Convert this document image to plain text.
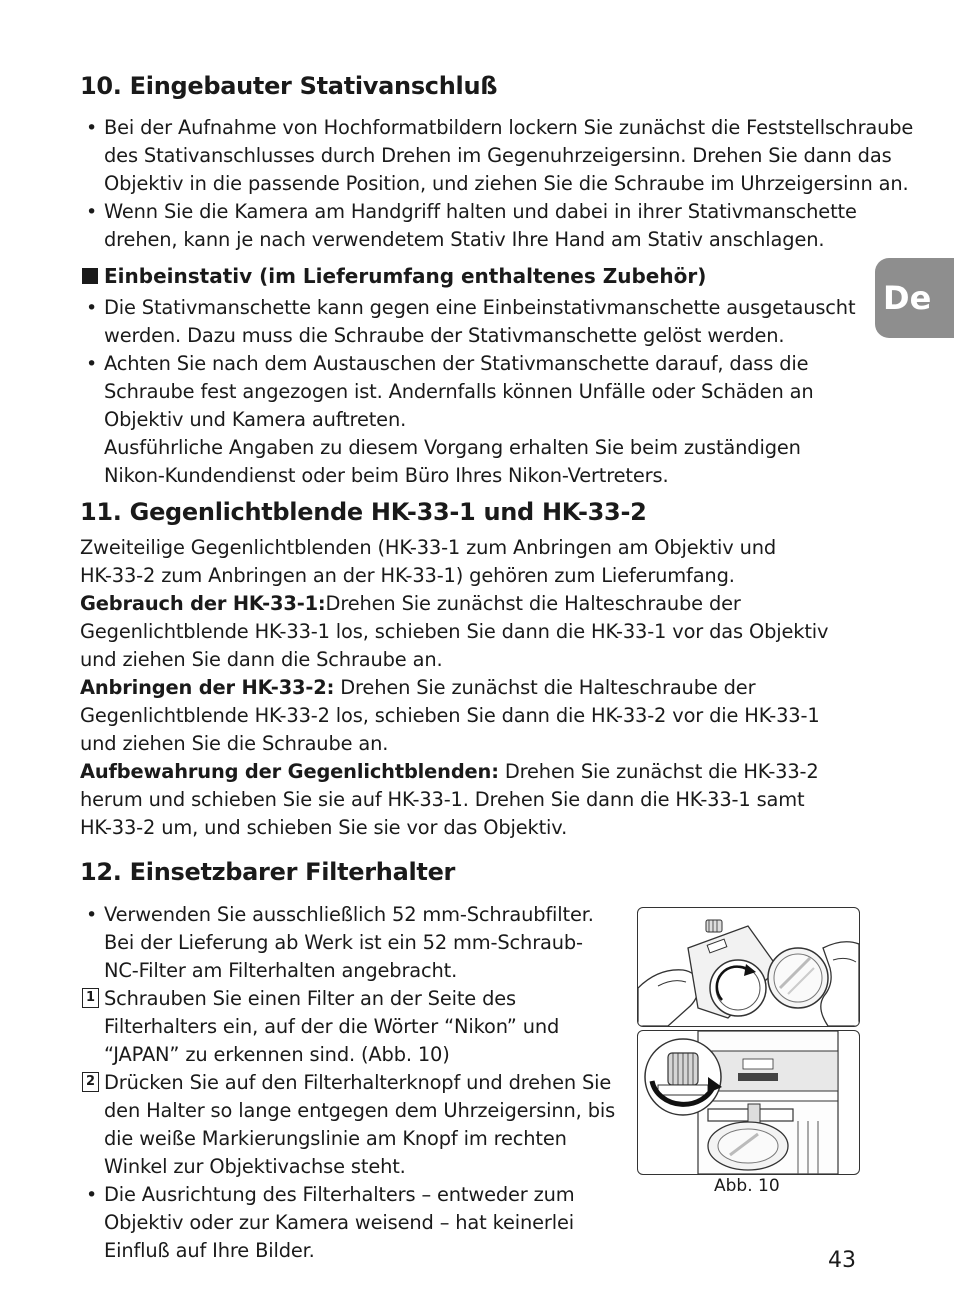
De
10. Eingebauter Stativanschluß
• Bei der Aufnahme von Hochformatbildern lockern Sie zunächst die Feststellschraube
des Stativanschlusses durch Drehen im Gegenuhrzeigersinn. Drehen Sie dann das
Objektiv in die passende Position, und ziehen Sie die Schraube im Uhrzeigersinn an.
• Wenn Sie die Kamera am Handgriff halten und dabei in ihrer Stativmanschette
drehen, kann je nach verwendetem Stativ Ihre Hand am Stativ anschlagen.
Einbeinstativ (im Lieferumfang enthaltenes Zubehör)
• Die Stativmanschette kann gegen eine Einbeinstativmanschette ausgetauscht
werden. Dazu muss die Schraube der Stativmanschette gelöst werden.
• Achten Sie nach dem Austauschen der Stativmanschette darauf, dass die
Schraube fest angezogen ist. Andernfalls können Unfälle oder Schäden an
Objektiv und Kamera auftreten.
Ausführliche Angaben zu diesem Vorgang erhalten Sie beim zuständigen
Nikon-Kundendienst oder beim Büro Ihres Nikon-Vertreters.
11. Gegenlichtblende HK-33-1 und HK-33-2
Zweiteilige Gegenlichtblenden (HK-33-1 zum Anbringen am Objektiv und
HK-33-2 zum Anbringen an der HK-33-1) gehören zum Lieferumfang.
Gebrauch der HK-33-1:Drehen Sie zunächst die Halteschraube der
Gegenlichtblende HK-33-1 los, schieben Sie dann die HK-33-1 vor das Objektiv
und ziehen Sie dann die Schraube an.
Anbringen der HK-33-2: Drehen Sie zunächst die Halteschraube der
Gegenlichtblende HK-33-2 los, schieben Sie dann die HK-33-2 vor die HK-33-1
und ziehen Sie die Schraube an.
Aufbewahrung der Gegenlichtblenden: Drehen Sie zunächst die HK-33-2
herum und schieben Sie sie auf HK-33-1. Drehen Sie dann die HK-33-1 samt
HK-33-2 um, und schieben Sie sie vor das Objektiv.
12. Einsetzbarer Filterhalter
• Verwenden Sie ausschließlich 52 mm-Schraubfilter.
Bei der Lieferung ab Werk ist ein 52 mm-Schraub-
NC-Filter am Filterhalten angebracht.
1 Schrauben Sie einen Filter an der Seite des
Filterhalters ein, auf der die Wörter “Nikon” und
“JAPAN” zu erkennen sind. (Abb. 10)
2 Drücken Sie auf den Filterhalterknopf und drehen Sie
den Halter so lange entgegen dem Uhrzeigersinn, bis
die weiße Markierungslinie am Knopf im rechten
Winkel zur Objektivachse steht.
• Die Ausrichtung des Filterhalters – entweder zum
Objektiv oder zur Kamera weisend – hat keinerlei
Einfluß auf Ihre Bilder.
Abb. 10
43
